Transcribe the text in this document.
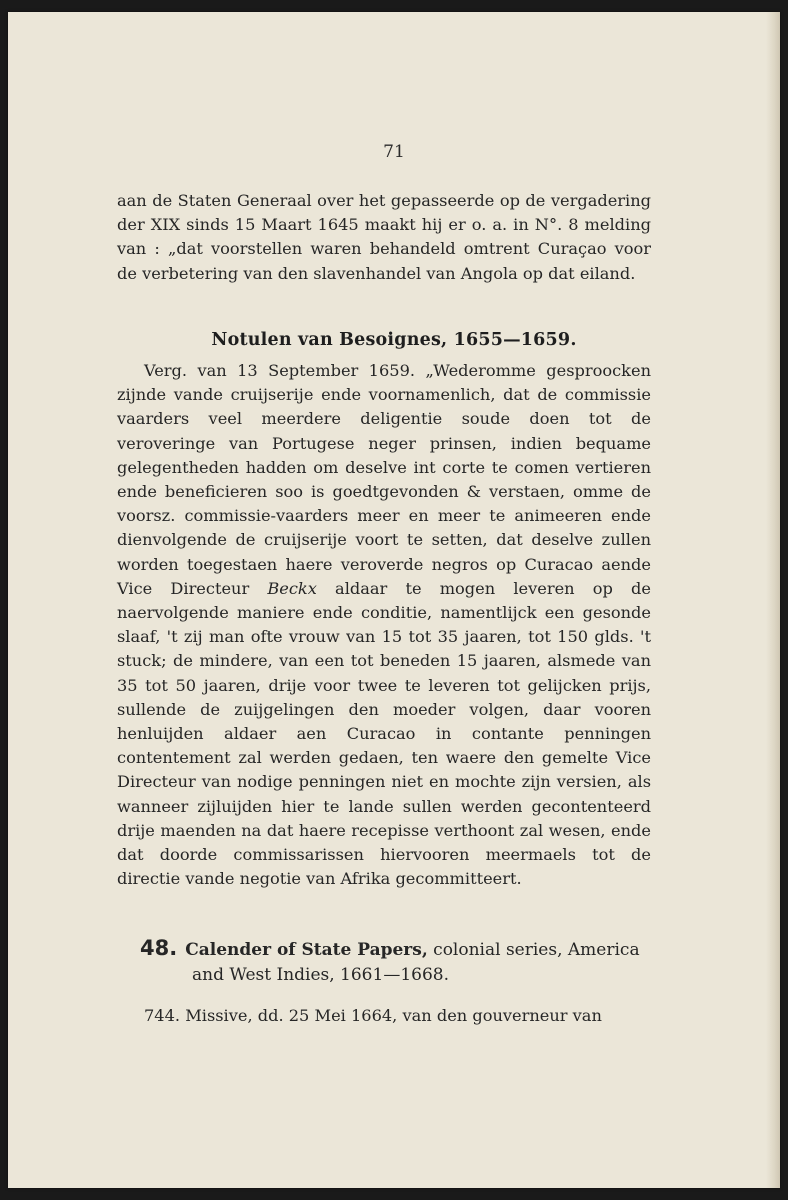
71
aan de Staten Generaal over het gepasseerde op de vergadering der XIX sinds 15 Maart 1645 maakt hij er o. a. in N°. 8 melding van : „dat voorstellen waren behandeld omtrent Curaçao voor de verbetering van den slavenhandel van Angola op dat eiland.
Notulen van Besoignes, 1655—1659.
Verg. van 13 September 1659. „Wederomme gesproocken zijnde vande cruijserije ende voornamenlich, dat de commissie vaarders veel meerdere deligentie soude doen tot de veroveringe van Portugese neger prinsen, indien bequame gelegentheden hadden om deselve int corte te comen vertieren ende beneficieren soo is goedtgevonden & verstaen, omme de voorsz. commissie-vaarders meer en meer te animeeren ende dienvolgende de cruijserije voort te setten, dat deselve zullen worden toegestaen haere veroverde negros op Curacao aende Vice Directeur Beckx aldaar te mogen leveren op de naervolgende maniere ende conditie, namentlijck een gesonde slaaf, 't zij man ofte vrouw van 15 tot 35 jaaren, tot 150 glds. 't stuck; de mindere, van een tot beneden 15 jaaren, alsmede van 35 tot 50 jaaren, drije voor twee te leveren tot gelijcken prijs, sullende de zuijgelingen den moeder volgen, daar vooren henluijden aldaer aen Curacao in contante penningen contentement zal werden gedaen, ten waere den gemelte Vice Directeur van nodige penningen niet en mochte zijn versien, als wanneer zijluijden hier te lande sullen werden gecontenteerd drije maenden na dat haere recepisse verthoont zal wesen, ende dat doorde commissarissen hiervooren meermaels tot de directie vande negotie van Afrika gecommitteert.
48. Calender of State Papers, colonial series, America
and West Indies, 1661—1668.
744. Missive, dd. 25 Mei 1664, van den gouverneur van
